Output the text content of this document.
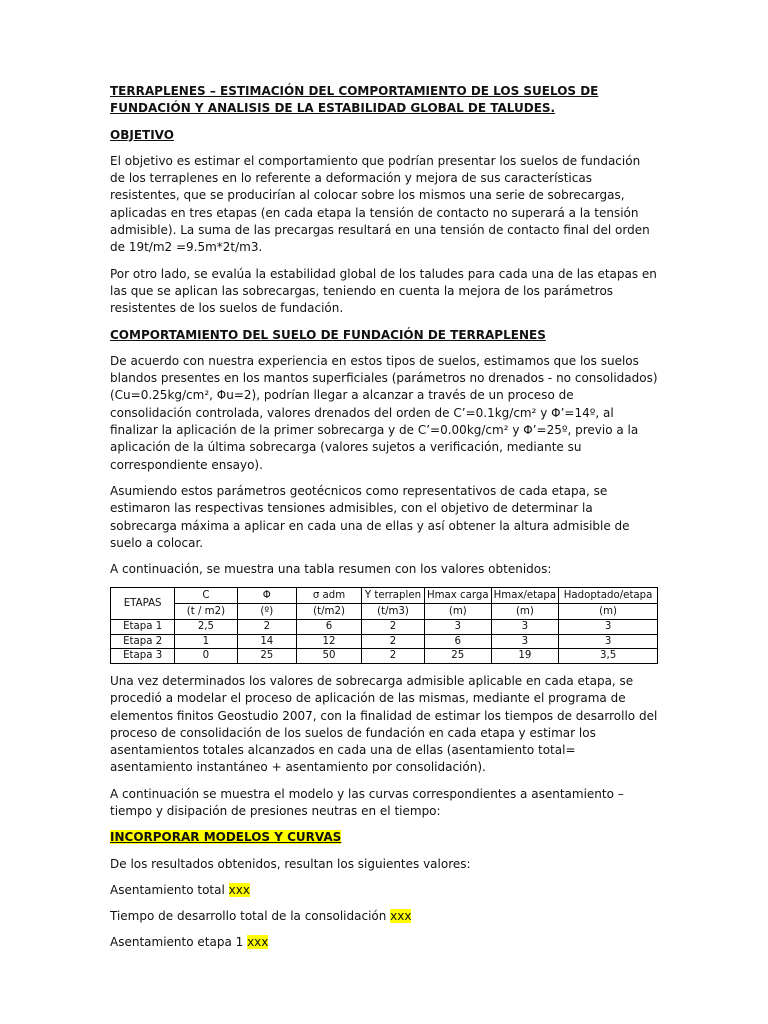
TERRAPLENES – ESTIMACIÓN DEL COMPORTAMIENTO DE LOS SUELOS DE FUNDACIÓN Y ANALISIS DE LA ESTABILIDAD GLOBAL DE TALUDES.

OBJETIVO

El objetivo es estimar el comportamiento que podrían presentar los suelos de fundación de los terraplenes en lo referente a deformación y mejora de sus características resistentes, que se producirían al colocar sobre los mismos una serie de sobrecargas, aplicadas en tres etapas (en cada etapa la tensión de contacto no superará a la tensión admisible). La suma de las precargas resultará en una tensión de contacto final del orden de 19t/m2 =9.5m*2t/m3.

Por otro lado, se evalúa la estabilidad global de los taludes para cada una de las etapas en las que se aplican las sobrecargas, teniendo en cuenta la mejora de los parámetros resistentes de los suelos de fundación.

COMPORTAMIENTO DEL SUELO DE FUNDACIÓN DE TERRAPLENES

De acuerdo con nuestra experiencia en estos tipos de suelos, estimamos que los suelos blandos presentes en los mantos superficiales (parámetros no drenados - no consolidados) (Cu=0.25kg/cm², Φu=2), podrían llegar a alcanzar a través de un proceso de consolidación controlada, valores drenados del orden de C’=0.1kg/cm² y Φ’=14º, al finalizar la aplicación de la primer sobrecarga y de C’=0.00kg/cm² y Φ’=25º, previo a la aplicación de la última sobrecarga (valores sujetos a verificación, mediante su correspondiente ensayo).

Asumiendo estos parámetros geotécnicos como representativos de cada etapa, se estimaron las respectivas tensiones admisibles, con el objetivo de determinar la sobrecarga máxima a aplicar en cada una de ellas y así obtener la altura admisible de suelo a colocar.

A continuación, se muestra una tabla resumen con los valores obtenidos:

ETAPAS	C	Φ	σ adm	Υ terraplen	Hmax carga	Hmax/etapa	Hadoptado/etapa
	(t / m2)	(º)	(t/m2)	(t/m3)	(m)	(m)	(m)
Etapa 1	2,5	2	6	2	3	3	3
Etapa 2	1	14	12	2	6	3	3
Etapa 3	0	25	50	2	25	19	3,5

Una vez determinados los valores de sobrecarga admisible aplicable en cada etapa, se procedió a modelar el proceso de aplicación de las mismas, mediante el programa de elementos finitos Geostudio 2007, con la finalidad de estimar los tiempos de desarrollo del proceso de consolidación de los suelos de fundación en cada etapa y estimar los asentamientos totales alcanzados en cada una de ellas (asentamiento total= asentamiento instantáneo + asentamiento por consolidación).

A continuación se muestra el modelo y las curvas correspondientes a asentamiento – tiempo y disipación de presiones neutras en el tiempo:

INCORPORAR MODELOS Y CURVAS

De los resultados obtenidos, resultan los siguientes valores:

Asentamiento total xxx

Tiempo de desarrollo total de la consolidación xxx

Asentamiento etapa 1 xxx
